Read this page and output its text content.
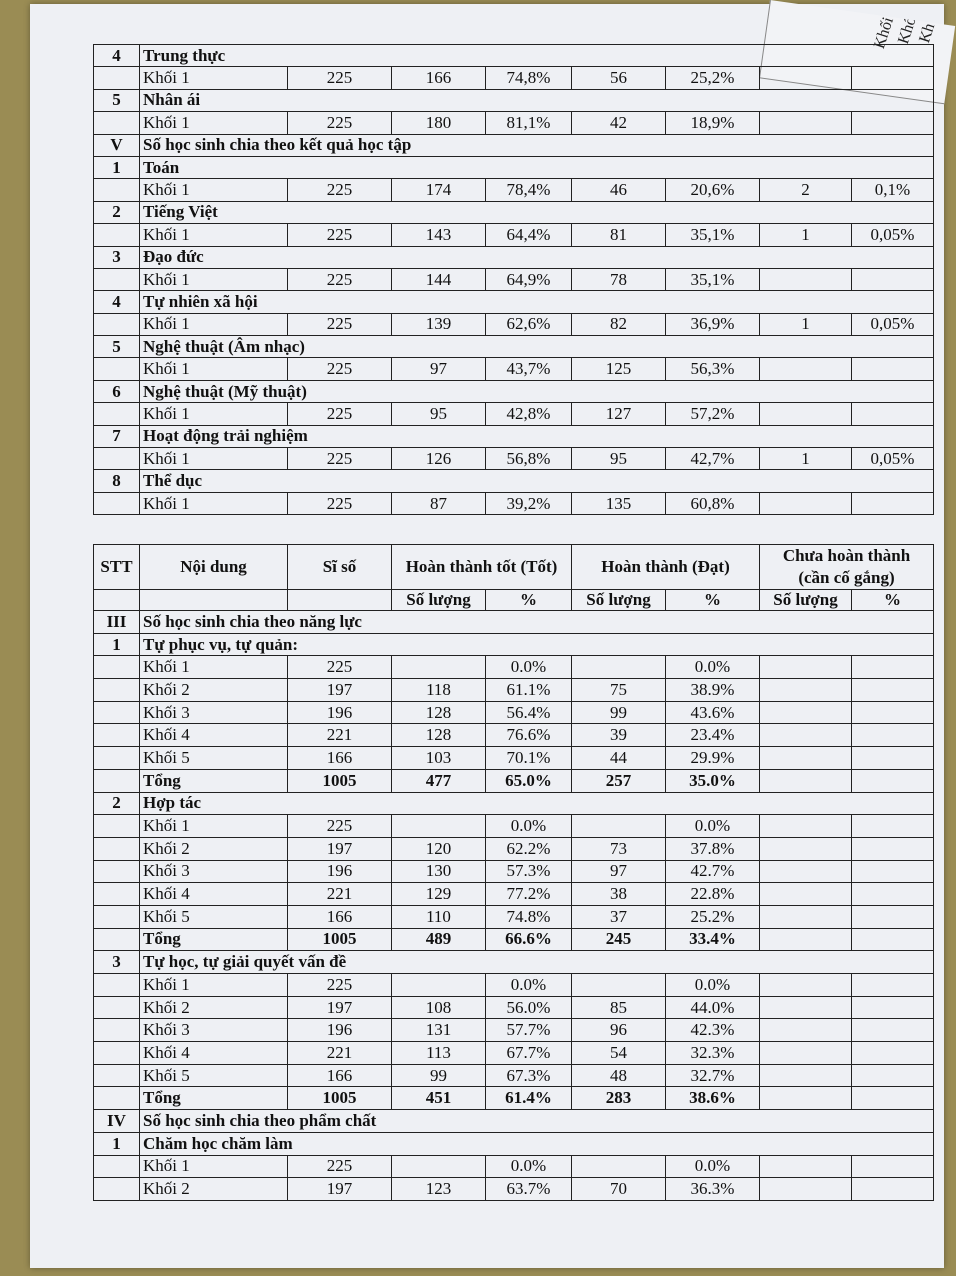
Khối 3
Khố
Kh
4	Trung thực							
	Khối 1	225	166	74,8%	56	25,2%		
5	Nhân ái							
	Khối 1	225	180	81,1%	42	18,9%		
V	Số học sinh chia theo kết quả học tập							
1	Toán							
	Khối 1	225	174	78,4%	46	20,6%	2	0,1%
2	Tiếng Việt							
	Khối 1	225	143	64,4%	81	35,1%	1	0,05%
3	Đạo đức							
	Khối 1	225	144	64,9%	78	35,1%		
4	Tự nhiên xã hội							
	Khối 1	225	139	62,6%	82	36,9%	1	0,05%
5	Nghệ thuật (Âm nhạc)							
	Khối 1	225	97	43,7%	125	56,3%		
6	Nghệ thuật (Mỹ thuật)							
	Khối 1	225	95	42,8%	127	57,2%		
7	Hoạt động trải nghiệm							
	Khối 1	225	126	56,8%	95	42,7%	1	0,05%
8	Thể dục							
	Khối 1	225	87	39,2%	135	60,8%		
STT	Nội dung	Sĩ số	Hoàn thành tốt (Tốt)		Hoàn thành (Đạt)		Chưa hoàn thành	
							(cần cố gắng)	
			Số lượng	%	Số lượng	%	Số lượng	%
III	Số học sinh chia theo năng lực							
1	Tự phục vụ, tự quản:							
	Khối 1	225		0.0%		0.0%		
	Khối 2	197	118	61.1%	75	38.9%		
	Khối 3	196	128	56.4%	99	43.6%		
	Khối 4	221	128	76.6%	39	23.4%		
	Khối 5	166	103	70.1%	44	29.9%		
	Tổng	1005	477	65.0%	257	35.0%		
2	Hợp tác							
	Khối 1	225		0.0%		0.0%		
	Khối 2	197	120	62.2%	73	37.8%		
	Khối 3	196	130	57.3%	97	42.7%		
	Khối 4	221	129	77.2%	38	22.8%		
	Khối 5	166	110	74.8%	37	25.2%		
	Tổng	1005	489	66.6%	245	33.4%		
3	Tự học, tự giải quyết vấn đề							
	Khối 1	225		0.0%		0.0%		
	Khối 2	197	108	56.0%	85	44.0%		
	Khối 3	196	131	57.7%	96	42.3%		
	Khối 4	221	113	67.7%	54	32.3%		
	Khối 5	166	99	67.3%	48	32.7%		
	Tổng	1005	451	61.4%	283	38.6%		
IV	Số học sinh chia theo phẩm chất							
1	Chăm học chăm làm							
	Khối 1	225		0.0%		0.0%		
	Khối 2	197	123	63.7%	70	36.3%		
